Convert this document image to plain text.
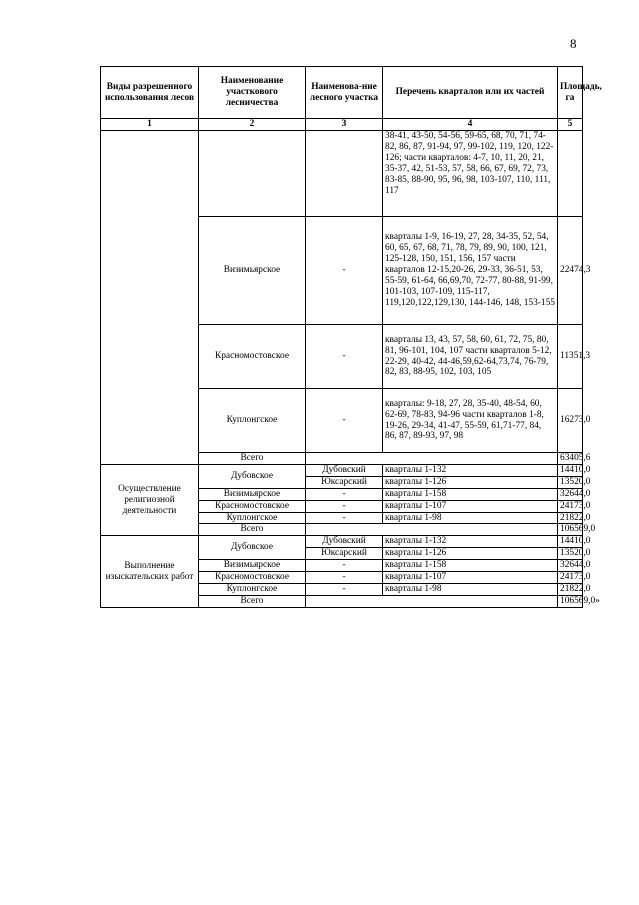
8
Виды разрешенного использования лесов	Наименование участкового лесничества	Наименова-ние лесного участка	Перечень кварталов или их частей	Площадь, га
1	2	3	4	5
			38-41, 43-50, 54-56, 59-65, 68, 70, 71, 74-82, 86, 87, 91-94, 97, 99-102, 119, 120, 122-126; части кварталов: 4-7, 10, 11, 20, 21, 35-37, 42, 51-53, 57, 58, 66, 67, 69, 72, 73, 83-85, 88-90, 95, 96, 98, 103-107, 110, 111, 117	
	Визимьярское	-	кварталы 1-9, 16-19, 27, 28, 34-35, 52, 54, 60, 65, 67, 68, 71, 78, 79, 89, 90, 100, 121, 125-128, 150, 151, 156, 157 части кварталов 12-15,20-26, 29-33, 36-51, 53, 55-59, 61-64, 66,69,70, 72-77, 80-88, 91-99, 101-103, 107-109, 115-117, 119,120,122,129,130, 144-146, 148, 153-155	22474,3
	Красномостовское	-	кварталы 13, 43, 57, 58, 60, 61, 72, 75, 80, 81, 96-101, 104, 107 части кварталов 5-12, 22-29, 40-42, 44-46,59,62-64,73,74, 76-79, 82, 83, 88-95, 102, 103, 105	11351,3
	Куплонгское	-	кварталы: 9-18, 27, 28, 35-40, 48-54, 60, 62-69, 78-83, 94-96 части кварталов 1-8, 19-26, 29-34, 41-47, 55-59, 61,71-77, 84, 86, 87, 89-93, 97, 98	16273,0
	Всего			63405,6
Осуществление религиозной деятельности	Дубовское	Дубовский	кварталы 1-132	14410,0
		Юксарский	кварталы 1-126	13520,0
	Визимьярское	-	кварталы 1-158	32644,0
	Красномостовское	-	кварталы 1-107	24173,0
	Куплонгское	-	кварталы 1-98	21822,0
	Всего			106569,0
Выполнение изыскательских работ	Дубовское	Дубовский	кварталы 1-132	14410,0
		Юксарский	кварталы 1-126	13520,0
	Визимьярское	-	кварталы 1-158	32644,0
	Красномостовское	-	кварталы 1-107	24173,0
	Куплонгское	-	кварталы 1-98	21822,0
	Всего			106569,0»
